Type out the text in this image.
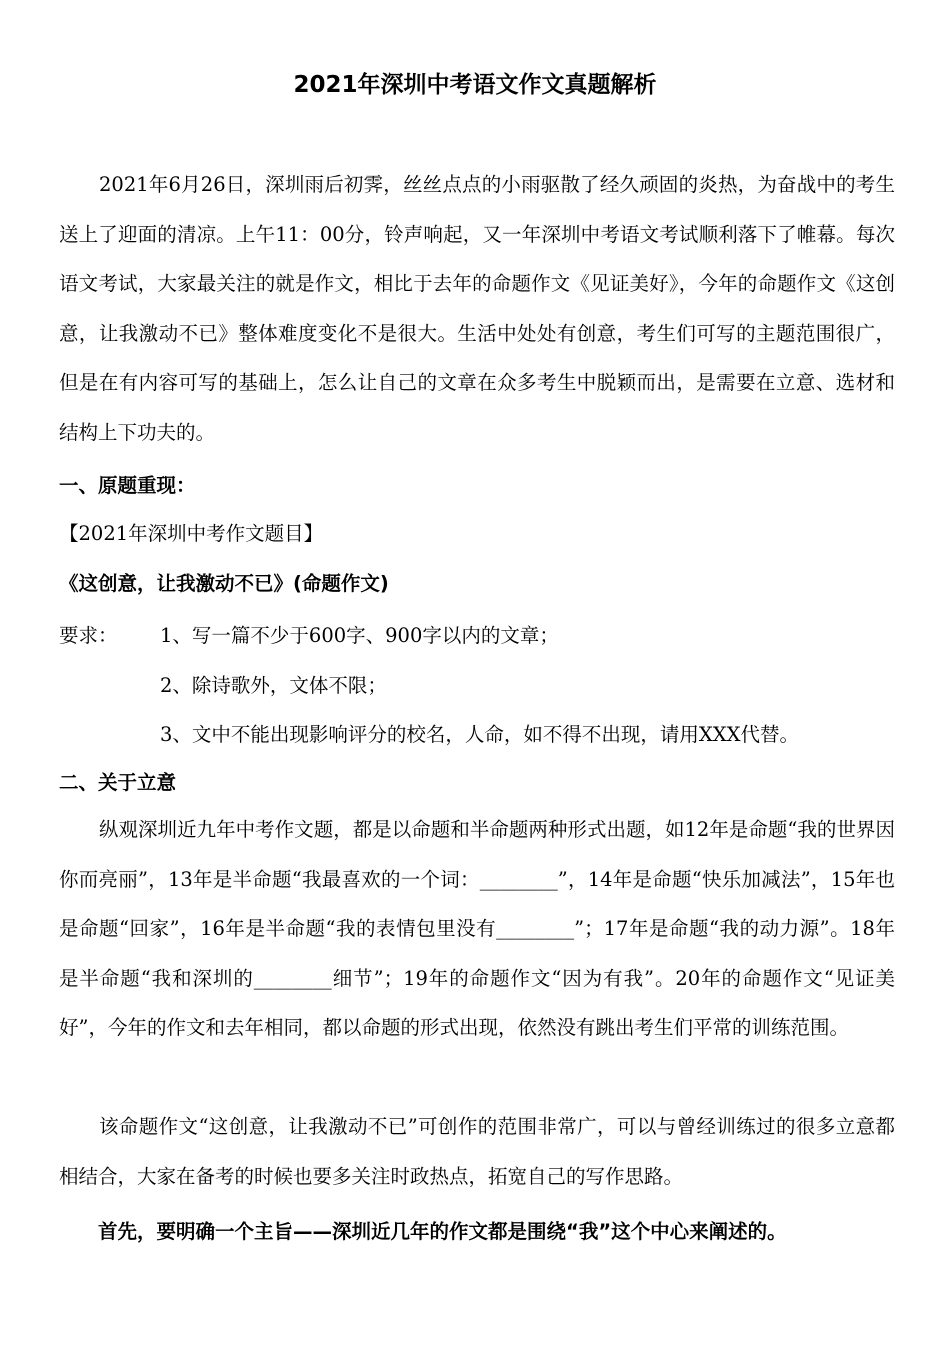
2021年深圳中考语文作文真题解析
2021年6月26日，深圳雨后初霁，丝丝点点的小雨驱散了经久顽固的炎热，为奋战中的考生送上了迎面的清凉。上午11：00分，铃声响起，又一年深圳中考语文考试顺利落下了帷幕。每次语文考试，大家最关注的就是作文，相比于去年的命题作文《见证美好》，今年的命题作文《这创意，让我激动不已》整体难度变化不是很大。生活中处处有创意，考生们可写的主题范围很广，但是在有内容可写的基础上，怎么让自己的文章在众多考生中脱颖而出，是需要在立意、选材和结构上下功夫的。
一、原题重现：
【2021年深圳中考作文题目】
《这创意，让我激动不已》(命题作文)
要求： 1、写一篇不少于600字、900字以内的文章；
2、除诗歌外，文体不限；
3、文中不能出现影响评分的校名，人命，如不得不出现，请用XXX代替。
二、关于立意
纵观深圳近九年中考作文题，都是以命题和半命题两种形式出题，如12年是命题“我的世界因你而亮丽”，13年是半命题“我最喜欢的一个词：________”，14年是命题“快乐加减法”，15年也是命题“回家”，16年是半命题“我的表情包里没有________”；17年是命题“我的动力源”。18年是半命题“我和深圳的________细节”；19年的命题作文“因为有我”。20年的命题作文“见证美好”，今年的作文和去年相同，都以命题的形式出现，依然没有跳出考生们平常的训练范围。
该命题作文“这创意，让我激动不已”可创作的范围非常广，可以与曾经训练过的很多立意都相结合，大家在备考的时候也要多关注时政热点，拓宽自己的写作思路。
首先，要明确一个主旨——深圳近几年的作文都是围绕“我”这个中心来阐述的。
